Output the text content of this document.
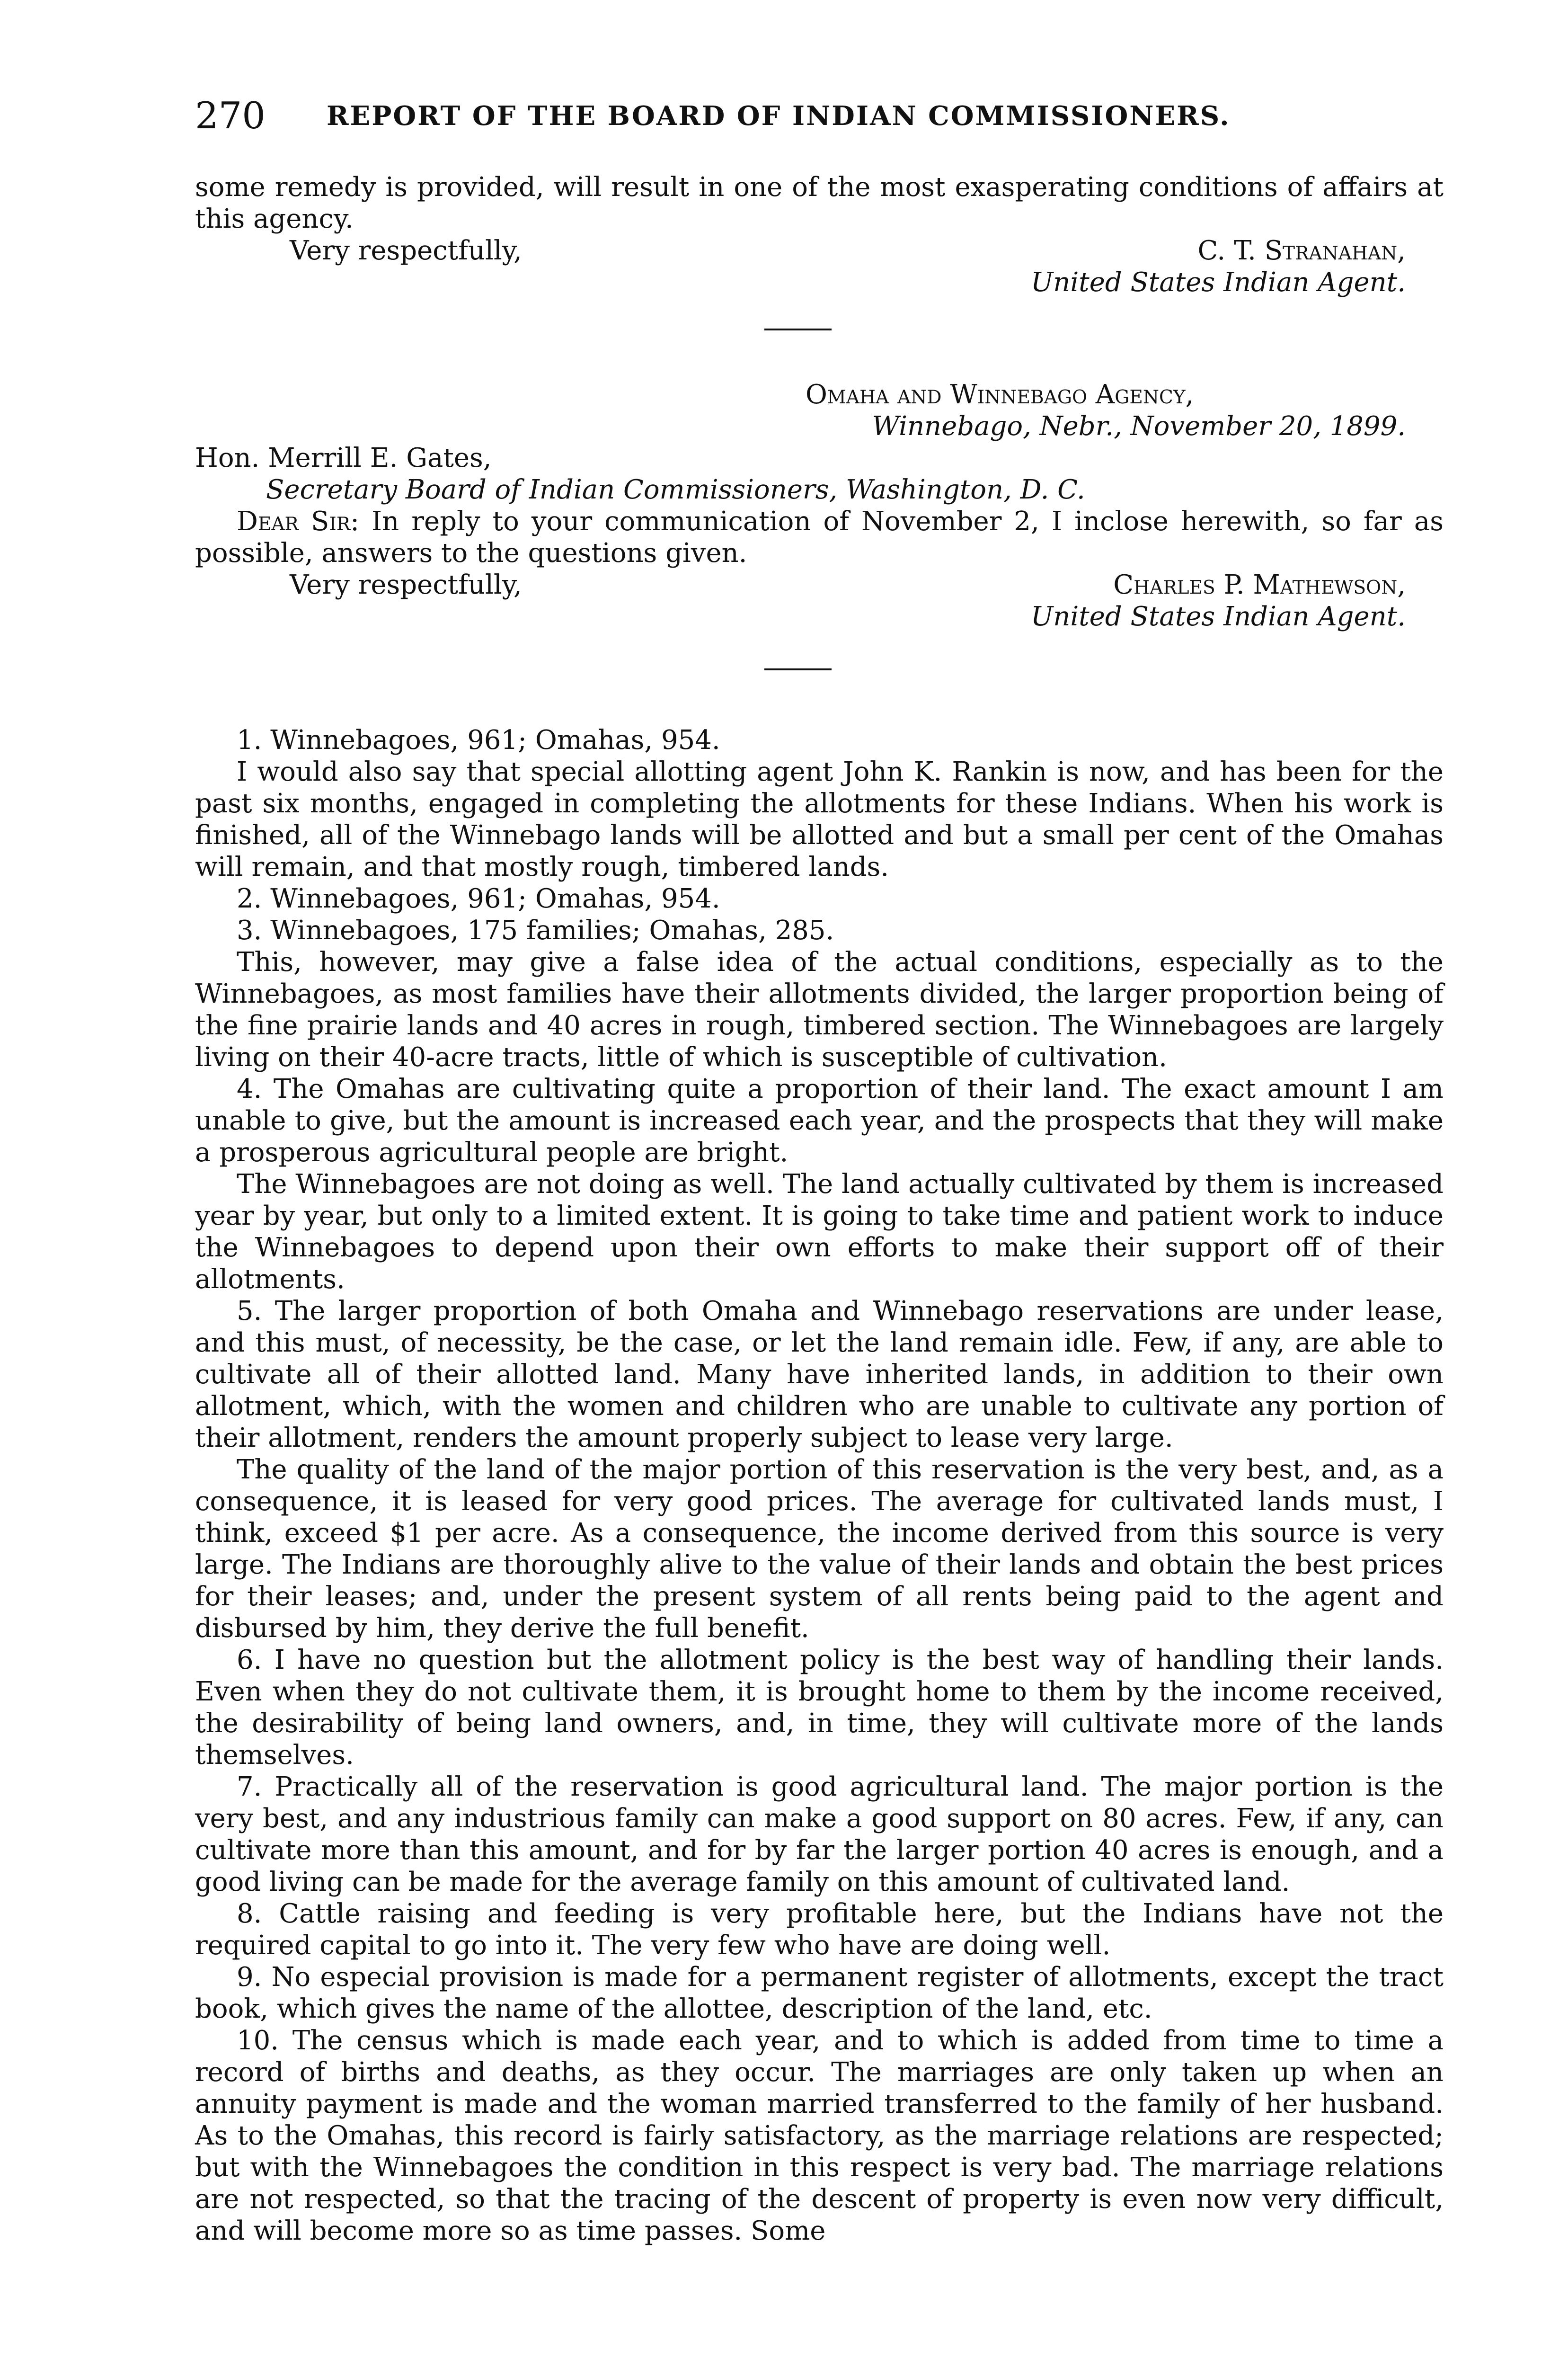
270 REPORT OF THE BOARD OF INDIAN COMMISSIONERS.

some remedy is provided, will result in one of the most exasperating conditions of affairs at this agency.

Very respectfully,	C. T. Stranahan,

United States Indian Agent.

Omaha and Winnebago Agency,

Winnebago, Nebr., November 20, 1899.

Hon. Merrill E. Gates,

Secretary Board of Indian Commissioners, Washington, D. C.

Dear Sir: In reply to your communication of November 2, I inclose herewith, so far as possible, answers to the questions given.

Very respectfully,	Charles P. Mathewson,

United States Indian Agent.

1. Winnebagoes, 961; Omahas, 954.

I would also say that special allotting agent John K. Rankin is now, and has been for the past six months, engaged in completing the allotments for these Indians. When his work is finished, all of the Winnebago lands will be allotted and but a small per cent of the Omahas will remain, and that mostly rough, timbered lands.

2. Winnebagoes, 961; Omahas, 954.

3. Winnebagoes, 175 families; Omahas, 285.

This, however, may give a false idea of the actual conditions, especially as to the Winnebagoes, as most families have their allotments divided, the larger proportion being of the fine prairie lands and 40 acres in rough, timbered section. The Winnebagoes are largely living on their 40-acre tracts, little of which is susceptible of cultivation.

4. The Omahas are cultivating quite a proportion of their land. The exact amount I am unable to give, but the amount is increased each year, and the prospects that they will make a prosperous agricultural people are bright.

The Winnebagoes are not doing as well. The land actually cultivated by them is increased year by year, but only to a limited extent. It is going to take time and patient work to induce the Winnebagoes to depend upon their own efforts to make their support off of their allotments.

5. The larger proportion of both Omaha and Winnebago reservations are under lease, and this must, of necessity, be the case, or let the land remain idle. Few, if any, are able to cultivate all of their allotted land. Many have inherited lands, in addition to their own allotment, which, with the women and children who are unable to cultivate any portion of their allotment, renders the amount properly subject to lease very large.

The quality of the land of the major portion of this reservation is the very best, and, as a consequence, it is leased for very good prices. The average for cultivated lands must, I think, exceed $1 per acre. As a consequence, the income derived from this source is very large. The Indians are thoroughly alive to the value of their lands and obtain the best prices for their leases; and, under the present system of all rents being paid to the agent and disbursed by him, they derive the full benefit.

6. I have no question but the allotment policy is the best way of handling their lands. Even when they do not cultivate them, it is brought home to them by the income received, the desirability of being land owners, and, in time, they will cultivate more of the lands themselves.

7. Practically all of the reservation is good agricultural land. The major portion is the very best, and any industrious family can make a good support on 80 acres. Few, if any, can cultivate more than this amount, and for by far the larger portion 40 acres is enough, and a good living can be made for the average family on this amount of cultivated land.

8. Cattle raising and feeding is very profitable here, but the Indians have not the required capital to go into it. The very few who have are doing well.

9. No especial provision is made for a permanent register of allotments, except the tract book, which gives the name of the allottee, description of the land, etc.

10. The census which is made each year, and to which is added from time to time a record of births and deaths, as they occur. The marriages are only taken up when an annuity payment is made and the woman married transferred to the family of her husband. As to the Omahas, this record is fairly satisfactory, as the marriage relations are respected; but with the Winnebagoes the condition in this respect is very bad. The marriage relations are not respected, so that the tracing of the descent of property is even now very difficult, and will become more so as time passes. Some
